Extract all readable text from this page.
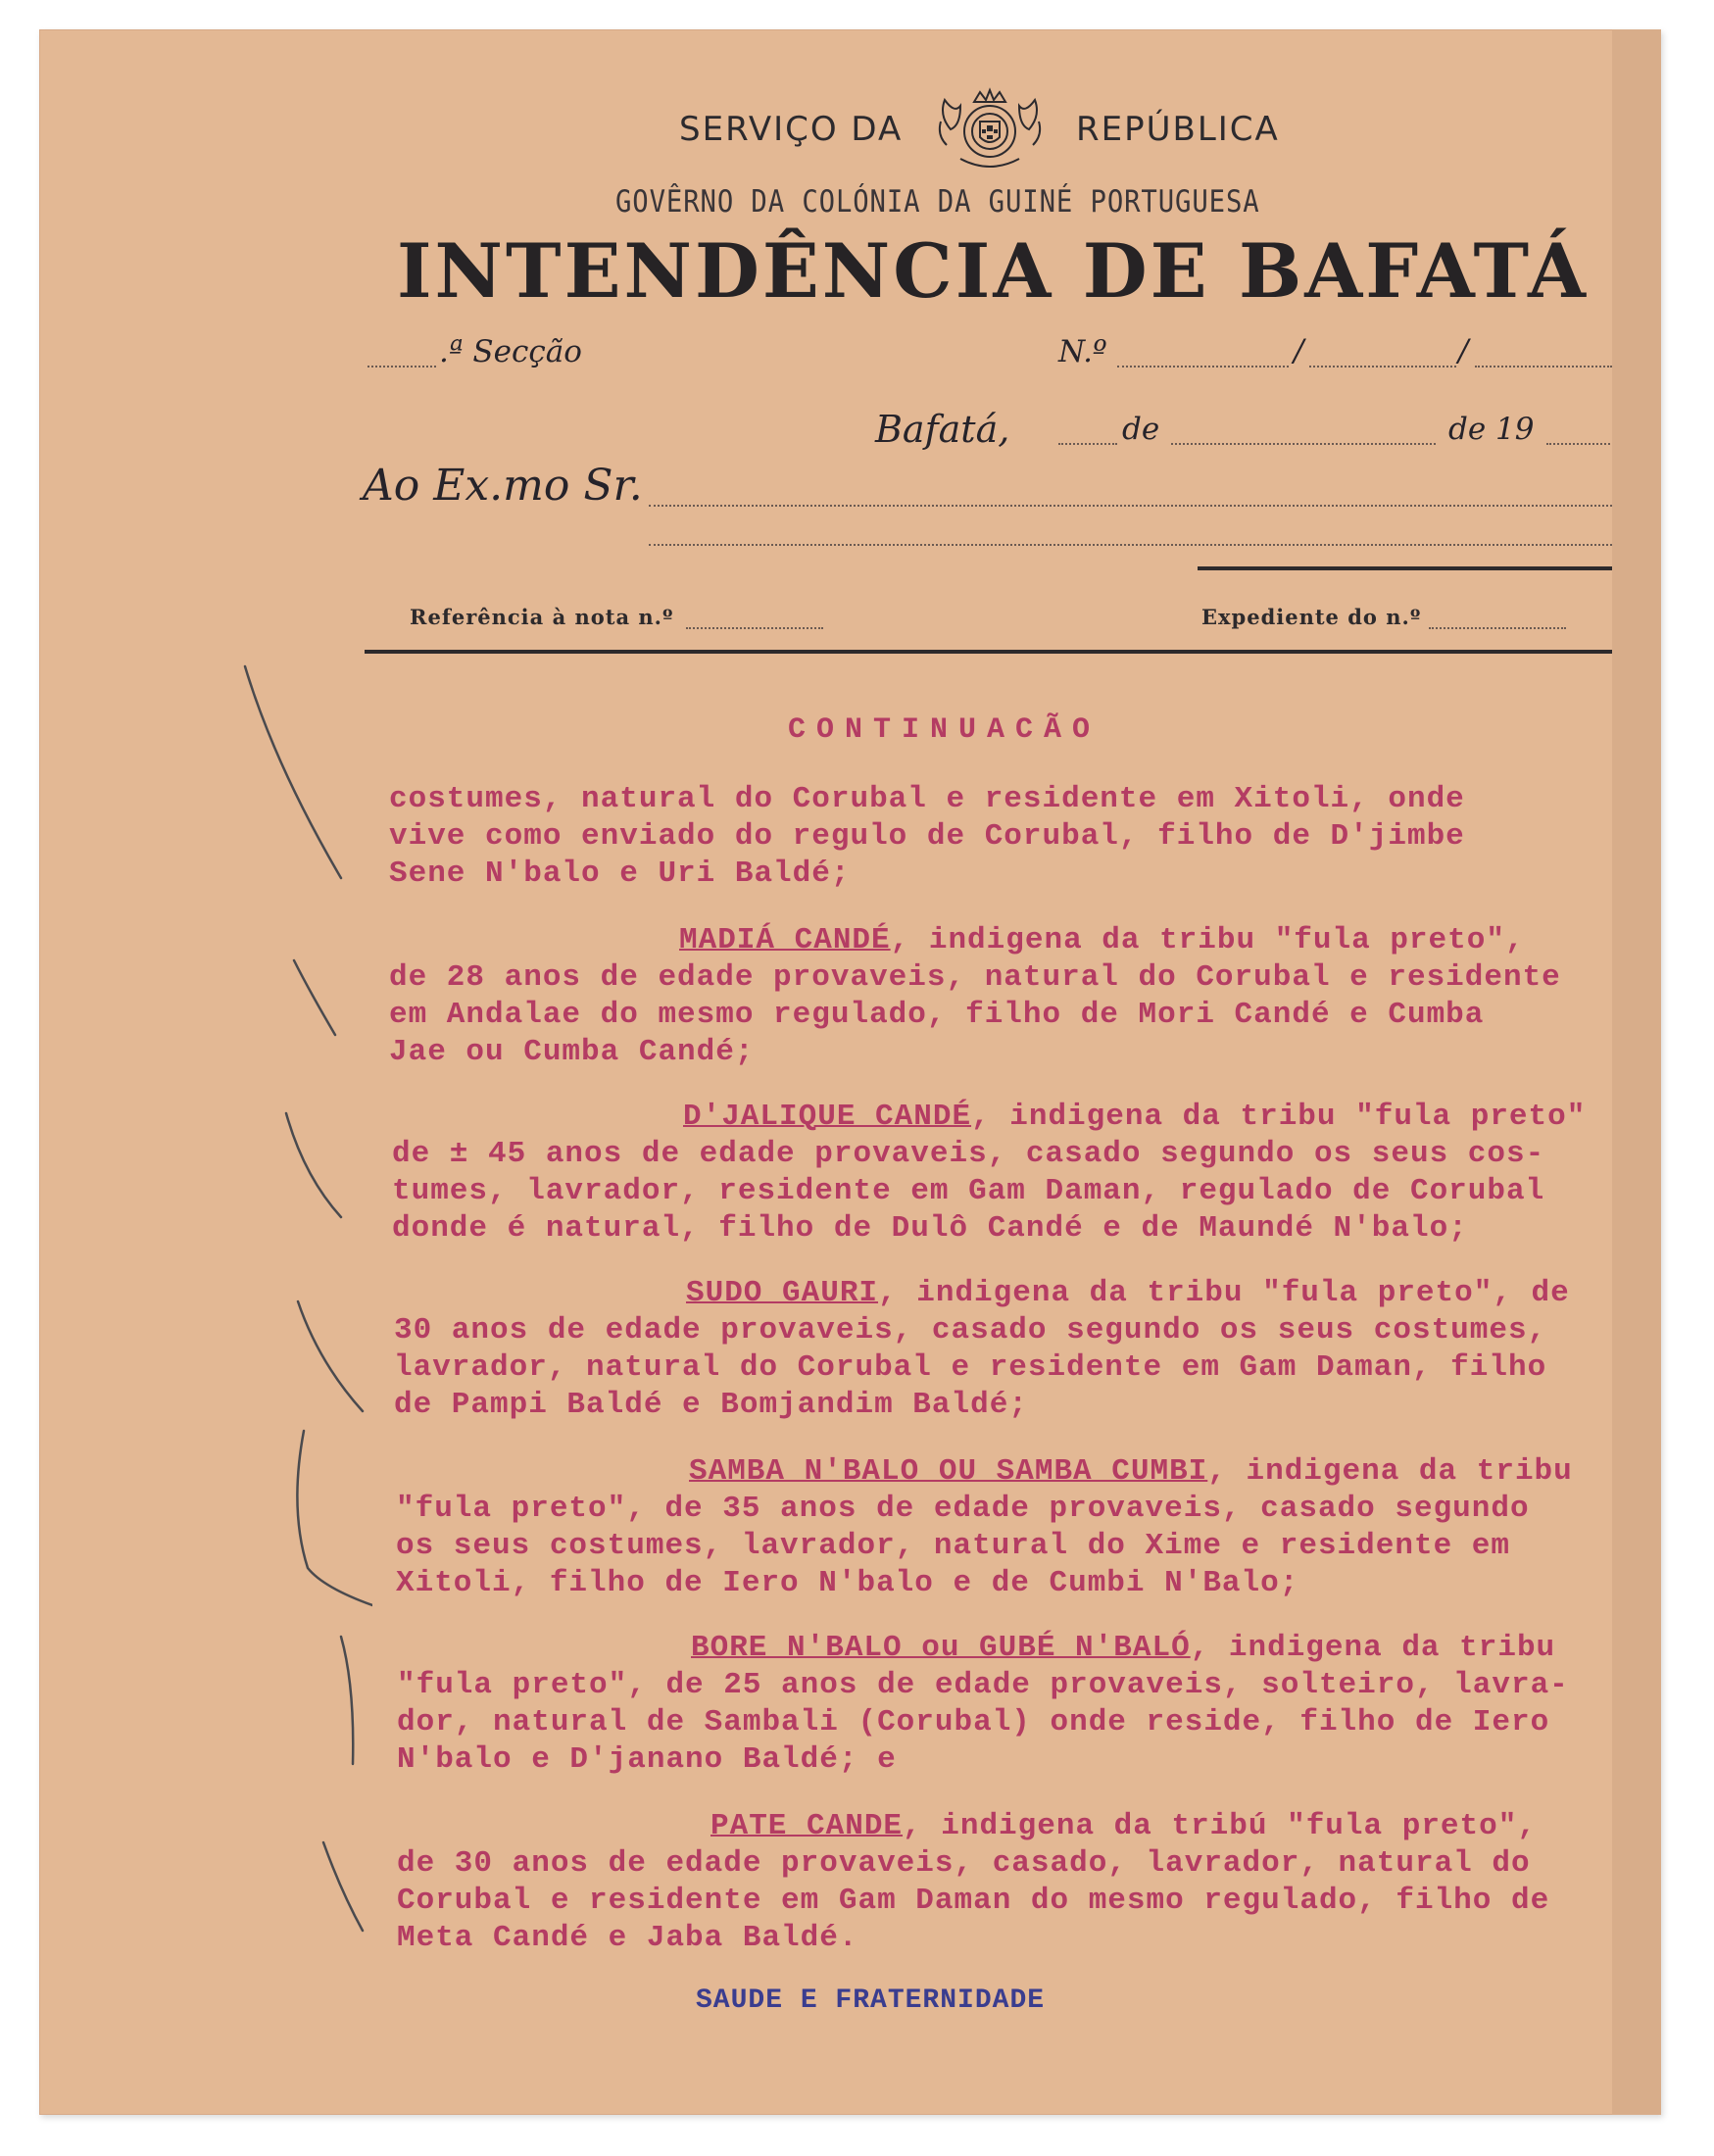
SERVIÇO DA	REPÚBLICA
GOVÊRNO DA COLÓNIA DA GUINÉ PORTUGUESA
INTENDÊNCIA DE BAFATÁ
.ª Secção	N.º	/	/
Bafatá,	de	de 19
Ao Ex.mo Sr.
Referência à nota n.º	Expediente do n.º
CONTINUACÃO
costumes, natural do Corubal e residente em Xitoli, onde
vive como enviado do regulo de Corubal, filho de D'jimbe
Sene N'balo e Uri Baldé;
MADIÁ CANDÉ, indigena da tribu "fula preto",
de 28 anos de edade provaveis, natural do Corubal e residente
em Andalae do mesmo regulado, filho de Mori Candé e Cumba
Jae ou Cumba Candé;
D'JALIQUE CANDÉ, indigena da tribu "fula preto"
de ± 45 anos de edade provaveis, casado segundo os seus cos-
tumes, lavrador, residente em Gam Daman, regulado de Corubal
donde é natural, filho de Dulô Candé e de Maundé N'balo;
SUDO GAURI, indigena da tribu "fula preto", de
30 anos de edade provaveis, casado segundo os seus costumes,
lavrador, natural do Corubal e residente em Gam Daman, filho
de Pampi Baldé e Bomjandim Baldé;
SAMBA N'BALO OU SAMBA CUMBI, indigena da tribu
"fula preto", de 35 anos de edade provaveis, casado segundo
os seus costumes, lavrador, natural do Xime e residente em
Xitoli, filho de Iero N'balo e de Cumbi N'Balo;
BORE N'BALO ou GUBÉ N'BALÓ, indigena da tribu
"fula preto", de 25 anos de edade provaveis, solteiro, lavra-
dor, natural de Sambali (Corubal) onde reside, filho de Iero
N'balo e D'janano Baldé; e
PATE CANDE, indigena da tribú "fula preto",
de 30 anos de edade provaveis, casado, lavrador, natural do
Corubal e residente em Gam Daman do mesmo regulado, filho de
Meta Candé e Jaba Baldé.
SAUDE E FRATERNIDADE
